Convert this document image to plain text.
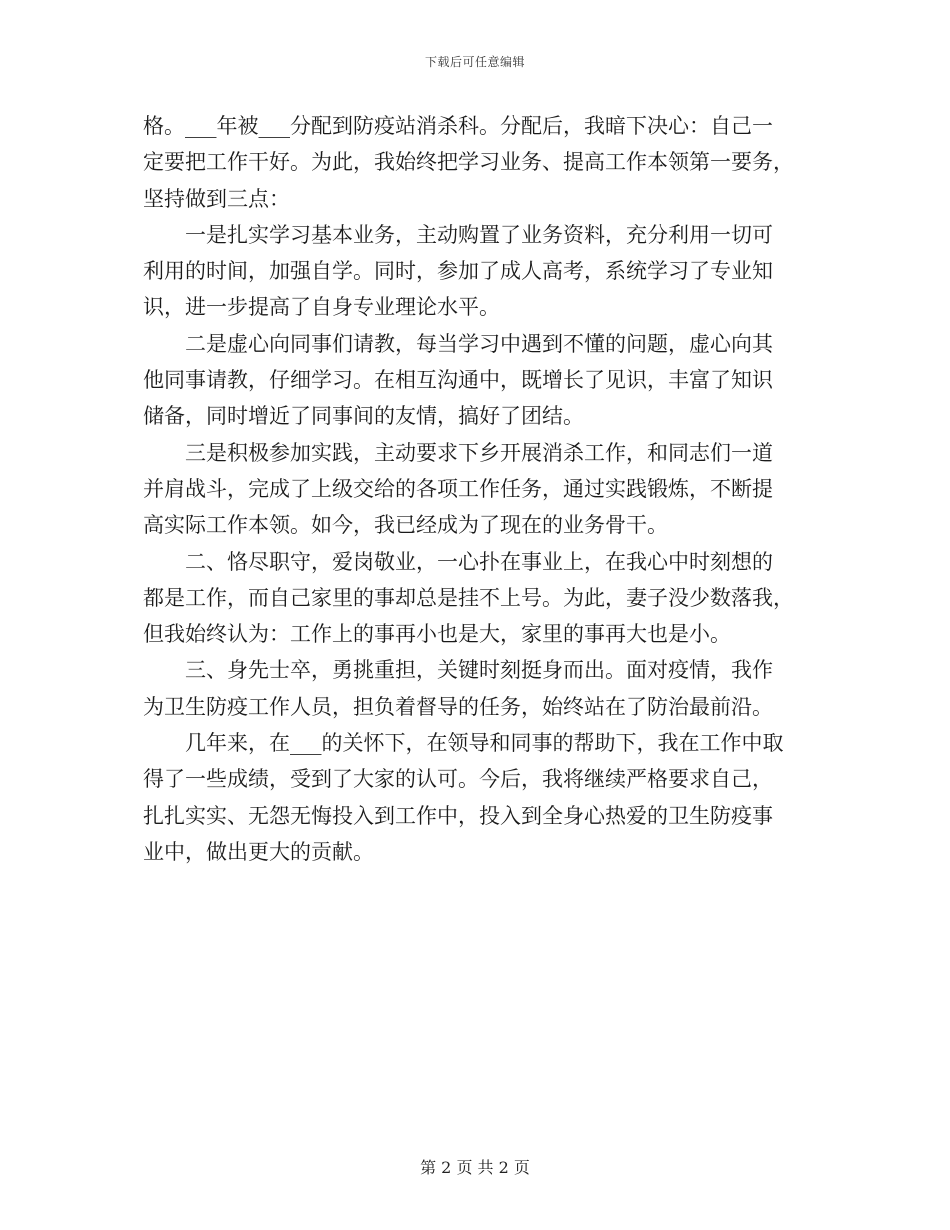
下载后可任意编辑
格。___年被___分配到防疫站消杀科。分配后，我暗下决心：自己一
定要把工作干好。为此，我始终把学习业务、提高工作本领第一要务，
坚持做到三点：
　　一是扎实学习基本业务，主动购置了业务资料，充分利用一切可
利用的时间，加强自学。同时，参加了成人高考，系统学习了专业知
识，进一步提高了自身专业理论水平。
　　二是虚心向同事们请教，每当学习中遇到不懂的问题，虚心向其
他同事请教，仔细学习。在相互沟通中，既增长了见识，丰富了知识
储备，同时增近了同事间的友情，搞好了团结。
　　三是积极参加实践，主动要求下乡开展消杀工作，和同志们一道
并肩战斗，完成了上级交给的各项工作任务，通过实践锻炼，不断提
高实际工作本领。如今，我已经成为了现在的业务骨干。
　　二、恪尽职守，爱岗敬业，一心扑在事业上，在我心中时刻想的
都是工作，而自己家里的事却总是挂不上号。为此，妻子没少数落我，
但我始终认为：工作上的事再小也是大，家里的事再大也是小。
　　三、身先士卒，勇挑重担，关键时刻挺身而出。面对疫情，我作
为卫生防疫工作人员，担负着督导的任务，始终站在了防治最前沿。
　　几年来，在___的关怀下，在领导和同事的帮助下，我在工作中取
得了一些成绩，受到了大家的认可。今后，我将继续严格要求自己，
扎扎实实、无怨无悔投入到工作中，投入到全身心热爱的卫生防疫事
业中，做出更大的贡献。
第 2 页 共 2 页
